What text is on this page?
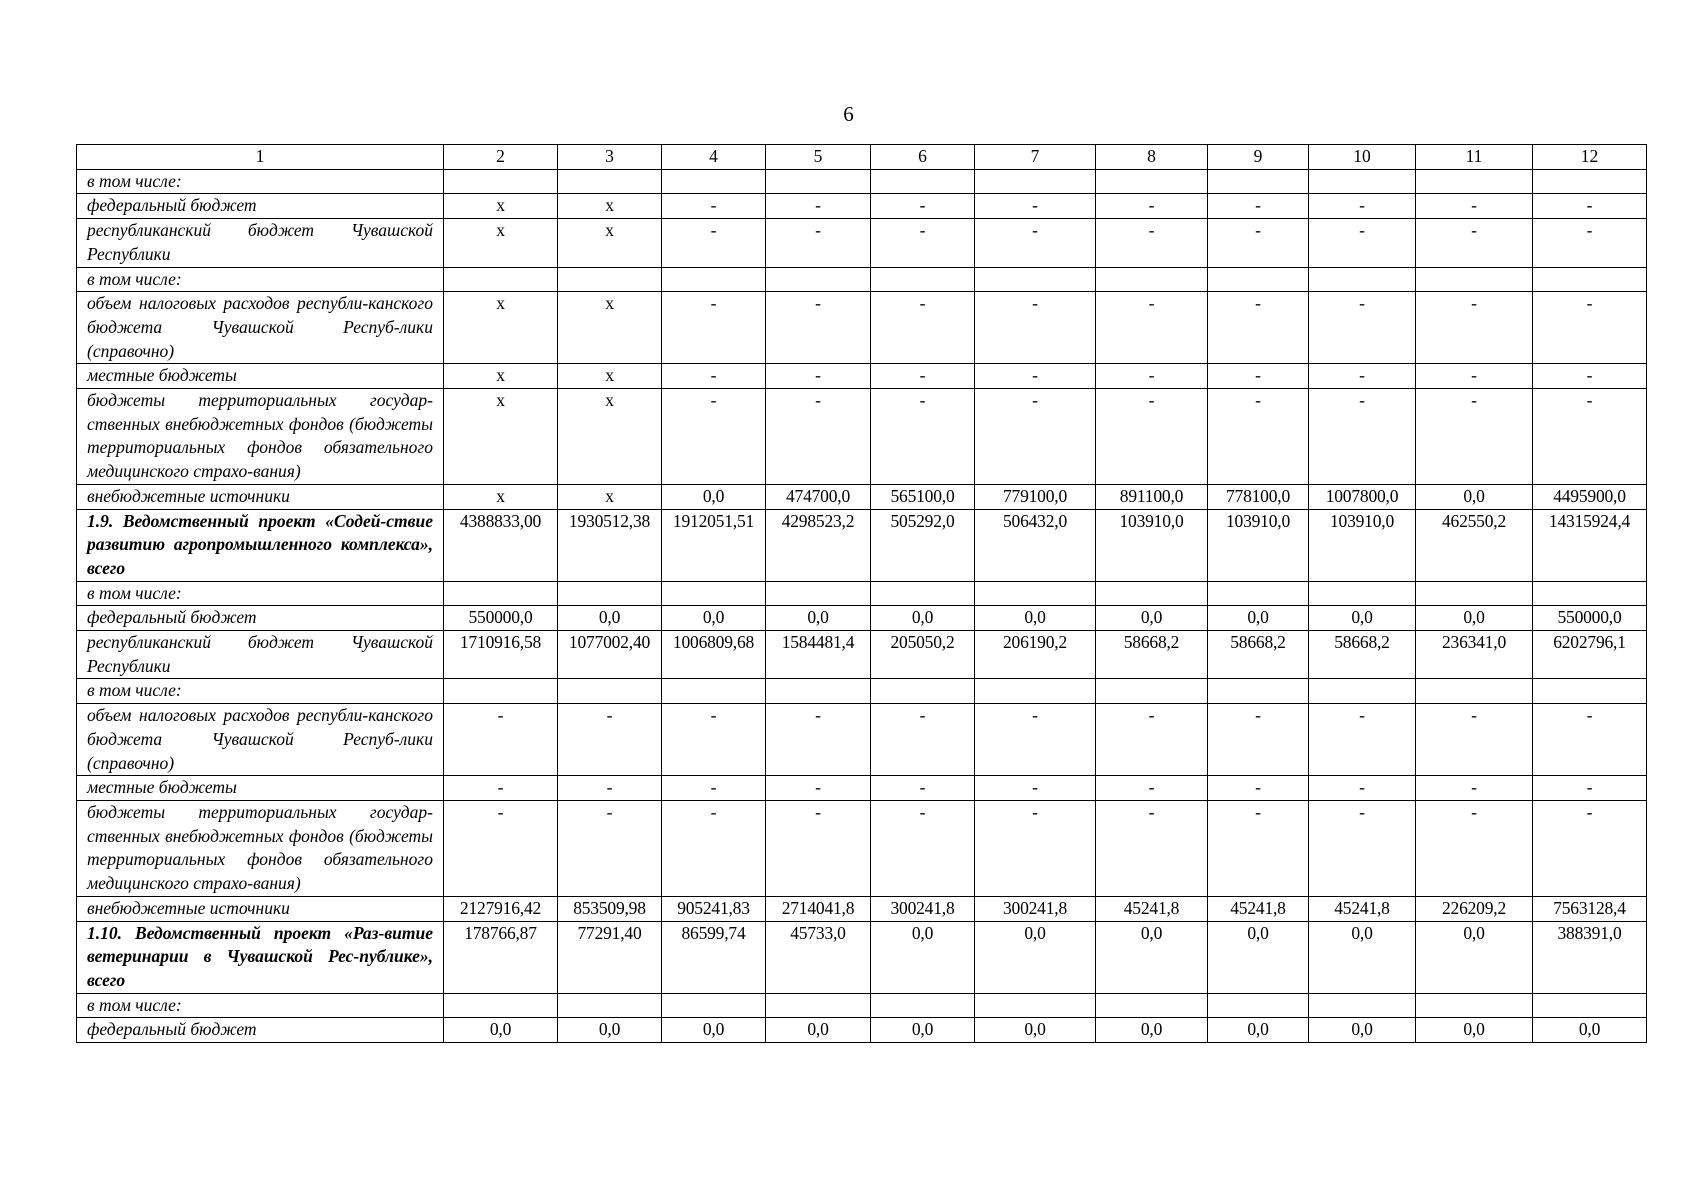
6
1	2	3	4	5	6	7	8	9	10	11	12
в том числе:											
федеральный бюджет	х	х	-	-	-	-	-	-	-	-	-
республиканский бюджет Чувашской Республики	х	х	-	-	-	-	-	-	-	-	-
в том числе:											
объем налоговых расходов республи-канского бюджета Чувашской Респуб-лики (справочно)	х	х	-	-	-	-	-	-	-	-	-
местные бюджеты	х	х	-	-	-	-	-	-	-	-	-
бюджеты территориальных государ-ственных внебюджетных фондов (бюджеты территориальных фондов обязательного медицинского страхо-вания)	х	х	-	-	-	-	-	-	-	-	-
внебюджетные источники	х	х	0,0	474700,0	565100,0	779100,0	891100,0	778100,0	1007800,0	0,0	4495900,0
1.9. Ведомственный проект «Содей-ствие развитию агропромышленного комплекса», всего	4388833,00	1930512,38	1912051,51	4298523,2	505292,0	506432,0	103910,0	103910,0	103910,0	462550,2	14315924,4
в том числе:											
федеральный бюджет	550000,0	0,0	0,0	0,0	0,0	0,0	0,0	0,0	0,0	0,0	550000,0
республиканский бюджет Чувашской Республики	1710916,58	1077002,40	1006809,68	1584481,4	205050,2	206190,2	58668,2	58668,2	58668,2	236341,0	6202796,1
в том числе:											
объем налоговых расходов республи-канского бюджета Чувашской Респуб-лики (справочно)	-	-	-	-	-	-	-	-	-	-	-
местные бюджеты	-	-	-	-	-	-	-	-	-	-	-
бюджеты территориальных государ-ственных внебюджетных фондов (бюджеты территориальных фондов обязательного медицинского страхо-вания)	-	-	-	-	-	-	-	-	-	-	-
внебюджетные источники	2127916,42	853509,98	905241,83	2714041,8	300241,8	300241,8	45241,8	45241,8	45241,8	226209,2	7563128,4
1.10. Ведомственный проект «Раз-витие ветеринарии в Чувашской Рес-публике», всего	178766,87	77291,40	86599,74	45733,0	0,0	0,0	0,0	0,0	0,0	0,0	388391,0
в том числе:											
федеральный бюджет	0,0	0,0	0,0	0,0	0,0	0,0	0,0	0,0	0,0	0,0	0,0
